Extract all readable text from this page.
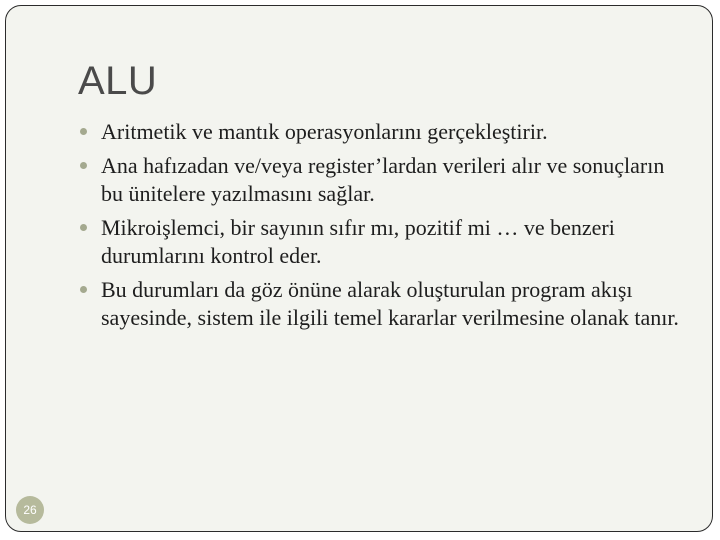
ALU
Aritmetik ve mantık operasyonlarını gerçekleştirir.
Ana hafızadan ve/veya register’lardan verileri alır ve sonuçların bu ünitelere yazılmasını sağlar.
Mikroişlemci, bir sayının sıfır mı, pozitif mi … ve benzeri durumlarını kontrol eder.
Bu durumları da göz önüne alarak oluşturulan program akışı sayesinde, sistem ile ilgili temel kararlar verilmesine olanak tanır.
26
